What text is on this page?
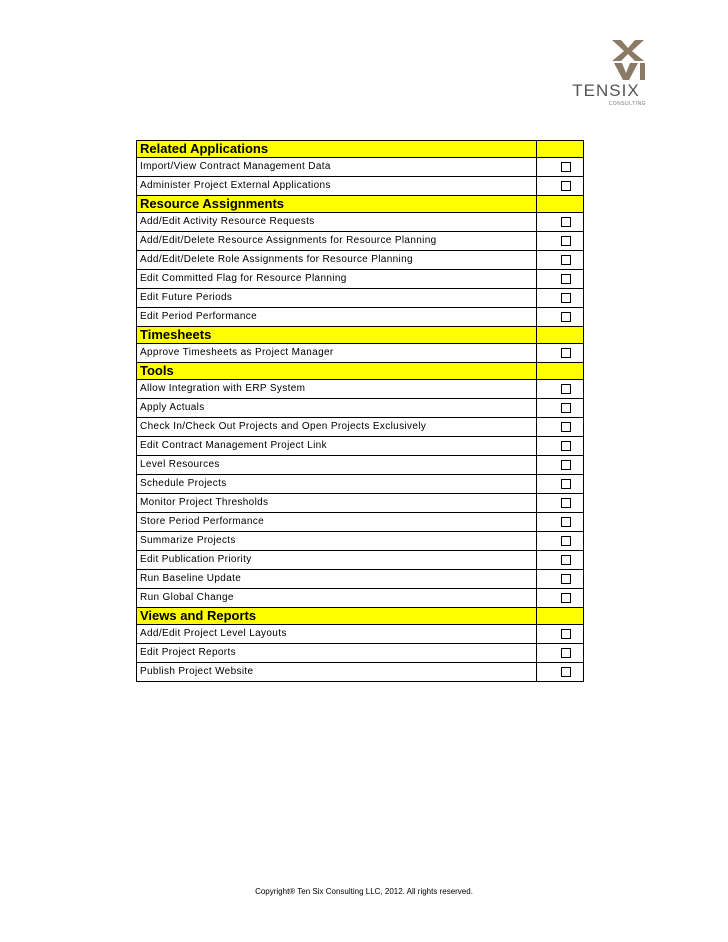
TENSIX
CONSULTING
Related Applications	
Import/View Contract Management Data	
Administer Project External Applications	
Resource Assignments	
Add/Edit Activity Resource Requests	
Add/Edit/Delete Resource Assignments for Resource Planning	
Add/Edit/Delete Role Assignments for Resource Planning	
Edit Committed Flag for Resource Planning	
Edit Future Periods	
Edit Period Performance	
Timesheets	
Approve Timesheets as Project Manager	
Tools	
Allow Integration with ERP System	
Apply Actuals	
Check In/Check Out Projects and Open Projects Exclusively	
Edit Contract Management Project Link	
Level Resources	
Schedule Projects	
Monitor Project Thresholds	
Store Period Performance	
Summarize Projects	
Edit Publication Priority	
Run Baseline Update	
Run Global Change	
Views and Reports	
Add/Edit Project Level Layouts	
Edit Project Reports	
Publish Project Website	
Copyright® Ten Six Consulting LLC, 2012. All rights reserved.
